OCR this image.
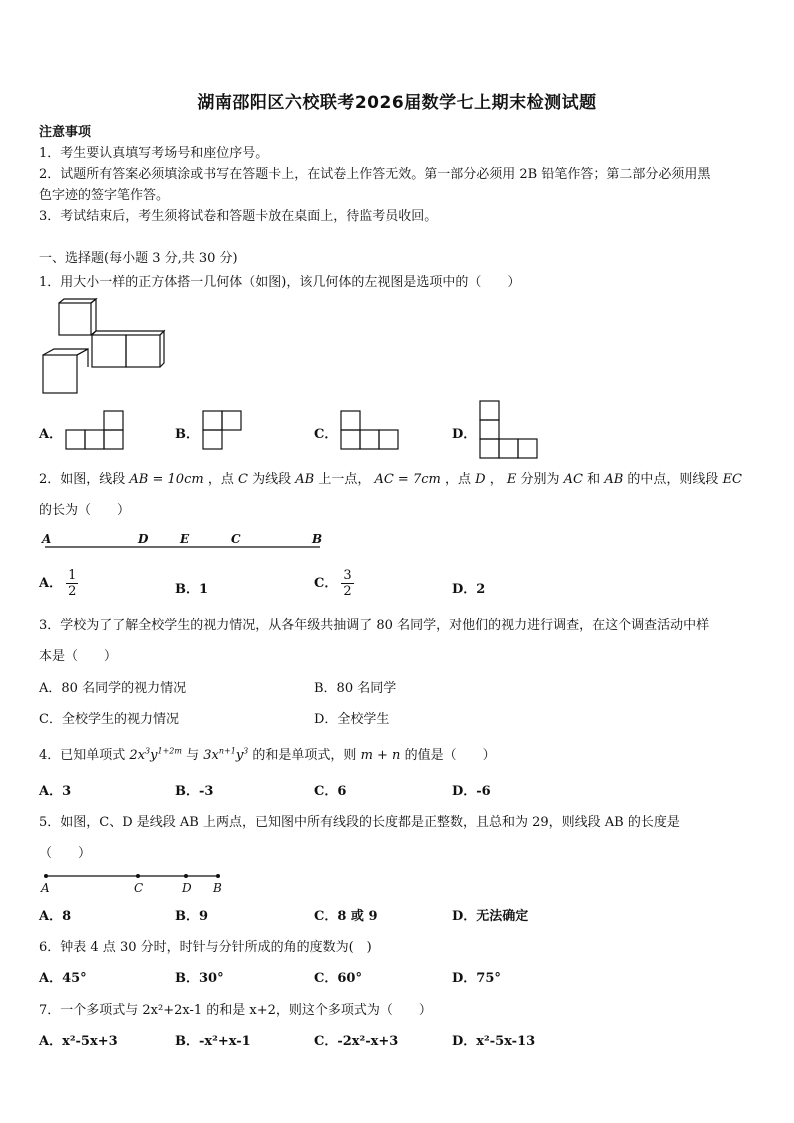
湖南邵阳区六校联考2026届数学七上期末检测试题
注意事项
1．考生要认真填写考场号和座位序号。
2．试题所有答案必须填涂或书写在答题卡上，在试卷上作答无效。第一部分必须用 2B 铅笔作答；第二部分必须用黑
色字迹的签字笔作答。
3．考试结束后，考生须将试卷和答题卡放在桌面上，待监考员收回。
一、选择题(每小题 3 分,共 30 分)
1．用大小一样的正方体搭一几何体（如图)，该几何体的左视图是选项中的（　　）
A．	B．	C．	D．
2．如图，线段 AB = 10cm ，点 C 为线段 AB 上一点， AC = 7cm ，点 D ， E 分别为 AC 和 AB 的中点，则线段 EC
的长为（　　）
A	D	E	C	B
A． $\frac{1}{2}$	B．1	C． $\frac{3}{2}$	D．2
3．学校为了了解全校学生的视力情况，从各年级共抽调了 80 名同学，对他们的视力进行调查，在这个调查活动中样
本是（　　）
A．80 名同学的视力情况	B．80 名同学
C．全校学生的视力情况	D．全校学生
4．已知单项式 $2x^3y^{1+2m}$ 与 $3x^{n+1}y^3$ 的和是单项式，则 m + n 的值是（　　）
A．3	B．-3	C．6	D．-6
5．如图，C、D 是线段 AB 上两点，已知图中所有线段的长度都是正整数，且总和为 29，则线段 AB 的长度是
（　　）
A	C	D B
A．8	B．9	C．8 或 9	D．无法确定
6．钟表 4 点 30 分时，时针与分针所成的角的度数为(　)
A．45°	B．30°	C．60°	D．75°
7．一个多项式与 2x²+2x-1 的和是 x+2，则这个多项式为（　　）
A．x²-5x+3	B．-x²+x-1	C．-2x²-x+3	D．x²-5x-13
